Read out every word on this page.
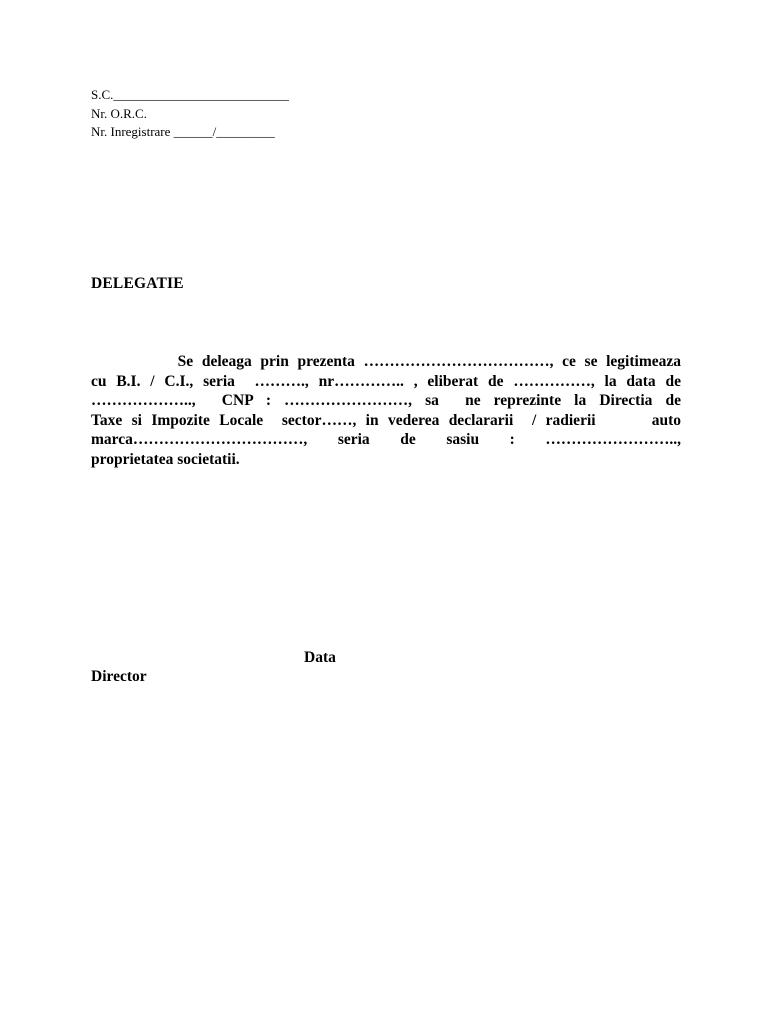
S.C.___________________________
Nr. O.R.C.
Nr. Inregistrare ______/_________
DELEGATIE
Se deleaga prin prezenta ………………………………, ce se legitimeaza
cu B.I. / C.I., seria  ………., nr………….. , eliberat de ……………, la data de
………………..,  CNP : ……………………, sa  ne reprezinte la Directia de
Taxe si Impozite Locale  sector……, in vederea declararii  / radierii      auto
marca……………………………, seria de sasiu : ……………………..,
proprietatea societatii.
Data
Director
